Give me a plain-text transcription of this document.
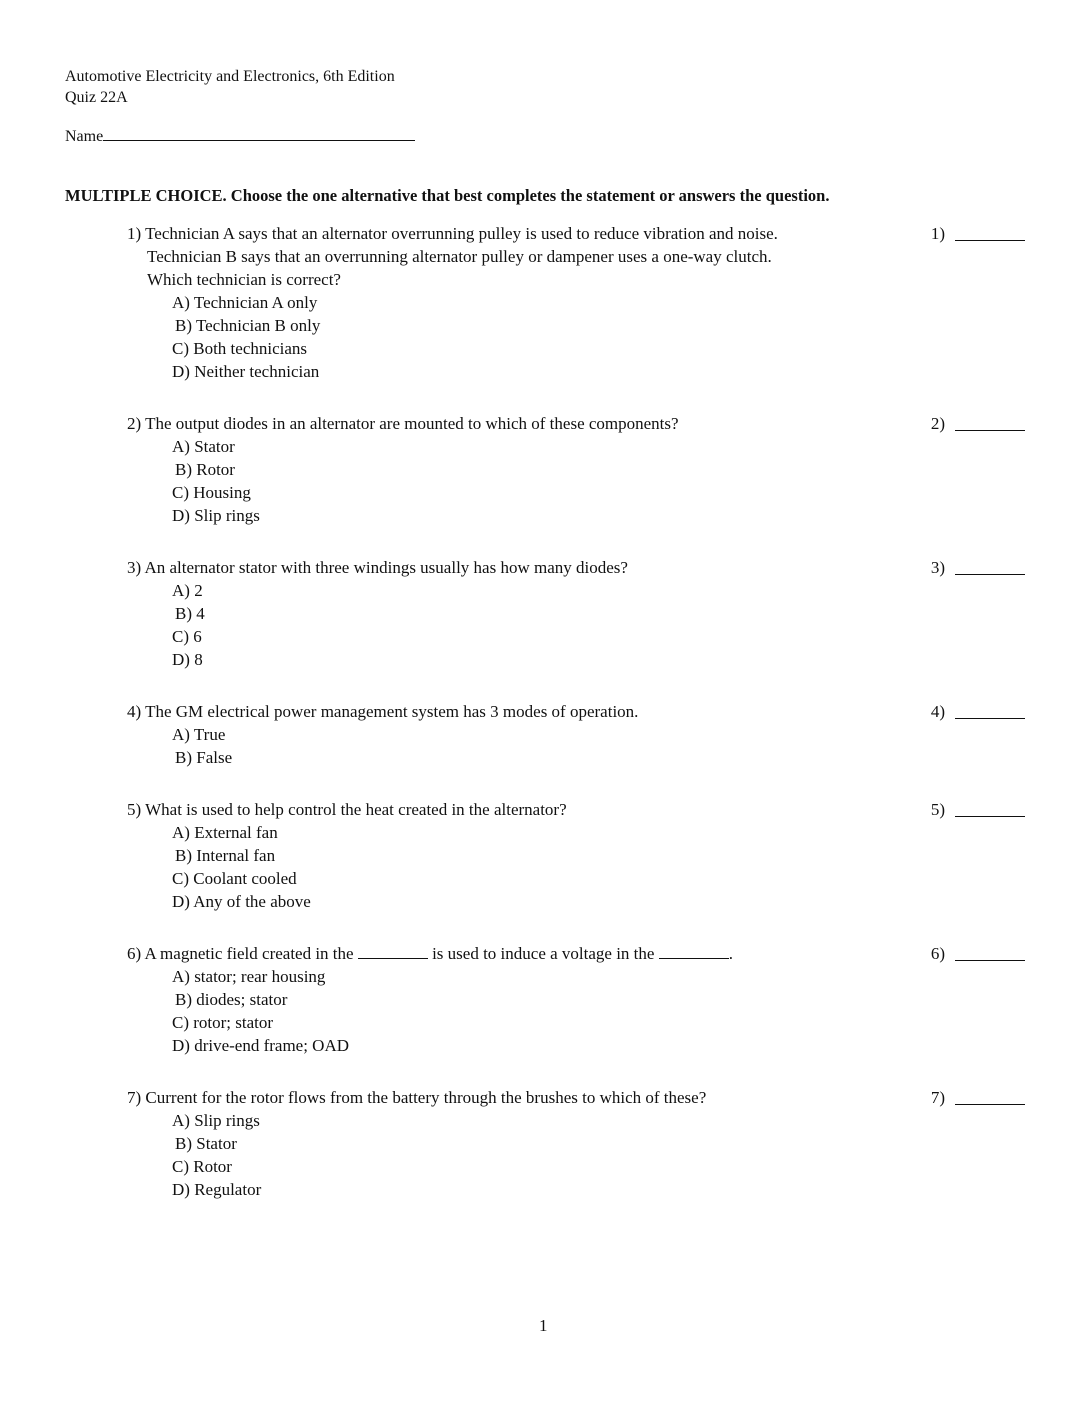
Automotive Electricity and Electronics, 6th Edition
Quiz 22A
Name
MULTIPLE CHOICE. Choose the one alternative that best completes the statement or answers the question.
1) Technician A says that an alternator overrunning pulley is used to reduce vibration and noise.
Technician B says that an overrunning alternator pulley or dampener uses a one-way clutch.
Which technician is correct?
A) Technician A only
B) Technician B only
C) Both technicians
D) Neither technician
1)
2) The output diodes in an alternator are mounted to which of these components?
A) Stator
B) Rotor
C) Housing
D) Slip rings
2)
3) An alternator stator with three windings usually has how many diodes?
A) 2
B) 4
C) 6
D) 8
3)
4) The GM electrical power management system has 3 modes of operation.
A) True
B) False
4)
5) What is used to help control the heat created in the alternator?
A) External fan
B) Internal fan
C) Coolant cooled
D) Any of the above
5)
6) A magnetic field created in the	is used to induce a voltage in the	.
A) stator; rear housing
B) diodes; stator
C) rotor; stator
D) drive-end frame; OAD
6)
7) Current for the rotor flows from the battery through the brushes to which of these?
A) Slip rings
B) Stator
C) Rotor
D) Regulator
7)
1
